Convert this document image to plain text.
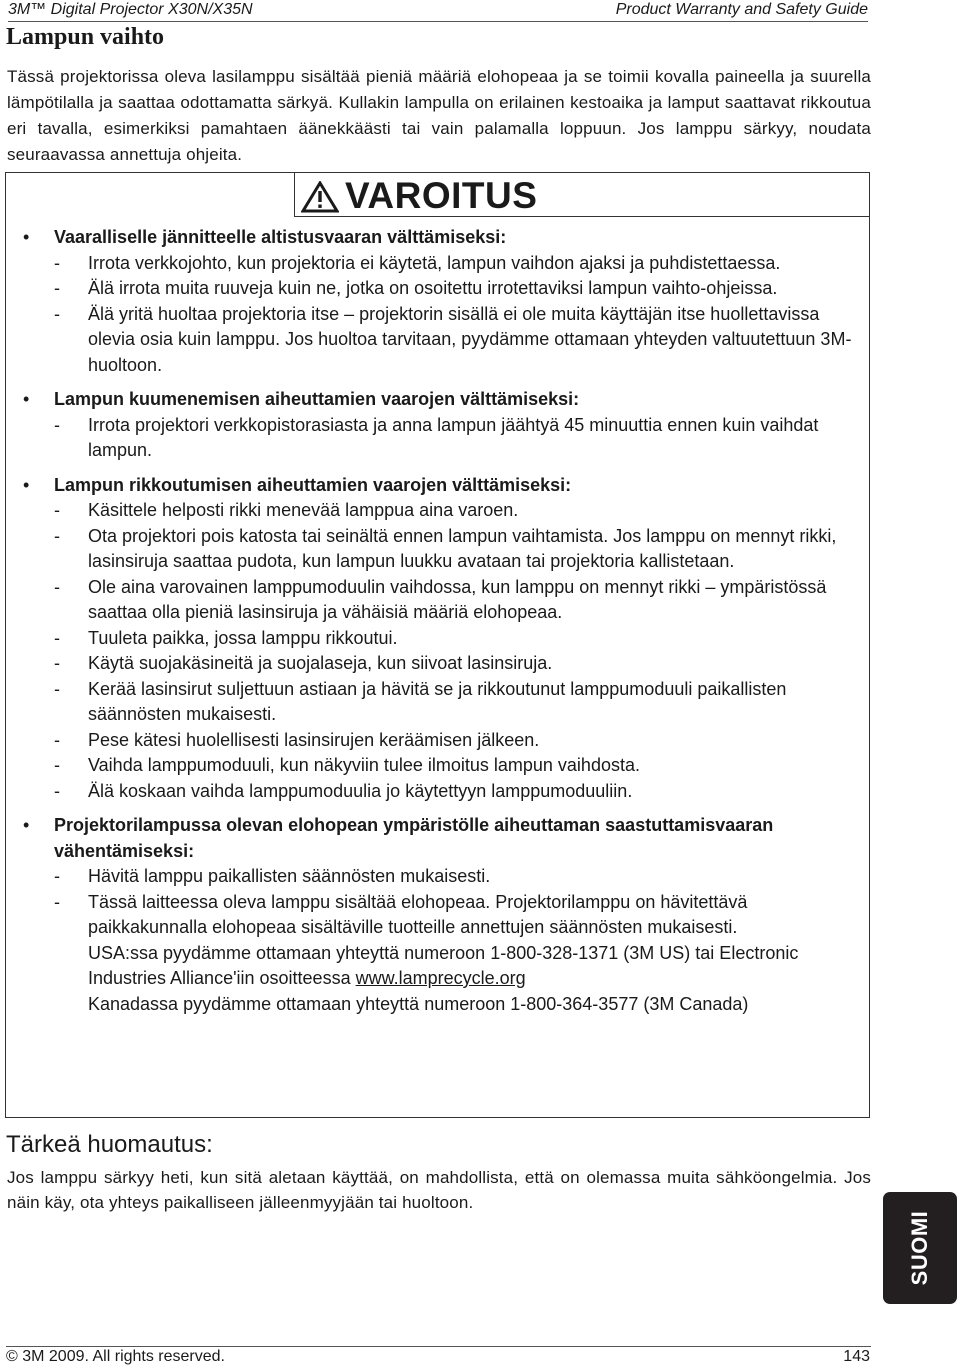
3M™ Digital Projector X30N/X35N	Product Warranty and Safety Guide
Lampun vaihto

Tässä projektorissa oleva lasilamppu sisältää pieniä määriä elohopeaa ja se toimii kovalla paineella ja suurella lämpötilalla ja saattaa odottamatta särkyä. Kullakin lampulla on erilainen kestoaika ja lamput saattavat rikkoutua eri tavalla, esimerkiksi pamahtaen äänekkäästi tai vain palamalla loppuun. Jos lamppu särkyy, noudata seuraavassa annettuja ohjeita.

VAROITUS
• Vaaralliselle jännitteelle altistusvaaran välttämiseksi:
-	Irrota verkkojohto, kun projektoria ei käytetä, lampun vaihdon ajaksi ja puhdistettaessa.
-	Älä irrota muita ruuveja kuin ne, jotka on osoitettu irrotettaviksi lampun vaihto-ohjeissa.
-	Älä yritä huoltaa projektoria itse – projektorin sisällä ei ole muita käyttäjän itse huollettavissa olevia osia kuin lamppu. Jos huoltoa tarvitaan, pyydämme ottamaan yhteyden valtuutettuun 3M-huoltoon.
• Lampun kuumenemisen aiheuttamien vaarojen välttämiseksi:
-	Irrota projektori verkkopistorasiasta ja anna lampun jäähtyä 45 minuuttia ennen kuin vaihdat lampun.
• Lampun rikkoutumisen aiheuttamien vaarojen välttämiseksi:
-	Käsittele helposti rikki menevää lamppua aina varoen.
-	Ota projektori pois katosta tai seinältä ennen lampun vaihtamista. Jos lamppu on mennyt rikki, lasinsiruja saattaa pudota, kun lampun luukku avataan tai projektoria kallistetaan.
-	Ole aina varovainen lamppumoduulin vaihdossa, kun lamppu on mennyt rikki – ympäristössä saattaa olla pieniä lasinsiruja ja vähäisiä määriä elohopeaa.
-	Tuuleta paikka, jossa lamppu rikkoutui.
-	Käytä suojakäsineitä ja suojalaseja, kun siivoat lasinsiruja.
-	Kerää lasinsirut suljettuun astiaan ja hävitä se ja rikkoutunut lamppumoduuli paikallisten säännösten mukaisesti.
-	Pese kätesi huolellisesti lasinsirujen keräämisen jälkeen.
-	Vaihda lamppumoduuli, kun näkyviin tulee ilmoitus lampun vaihdosta.
-	Älä koskaan vaihda lamppumoduulia jo käytettyyn lamppumoduuliin.
• Projektorilampussa olevan elohopean ympäristölle aiheuttaman saastuttamisvaaran vähentämiseksi:
-	Hävitä lamppu paikallisten säännösten mukaisesti.
- Tässä laitteessa oleva lamppu sisältää elohopeaa. Projektorilamppu on hävitettävä paikkakunnalla elohopeaa sisältäville tuotteille annettujen säännösten mukaisesti.
USA:ssa pyydämme ottamaan yhteyttä numeroon 1-800-328-1371 (3M US) tai Electronic Industries Alliance'iin osoitteessa www.lamprecycle.org
Kanadassa pyydämme ottamaan yhteyttä numeroon 1-800-364-3577 (3M Canada)
Tärkeä huomautus:

Jos lamppu särkyy heti, kun sitä aletaan käyttää, on mahdollista, että on olemassa muita sähköongelmia. Jos näin käy, ota yhteys paikalliseen jälleenmyyjään tai huoltoon.

SUOMI
© 3M 2009. All rights reserved.	143
